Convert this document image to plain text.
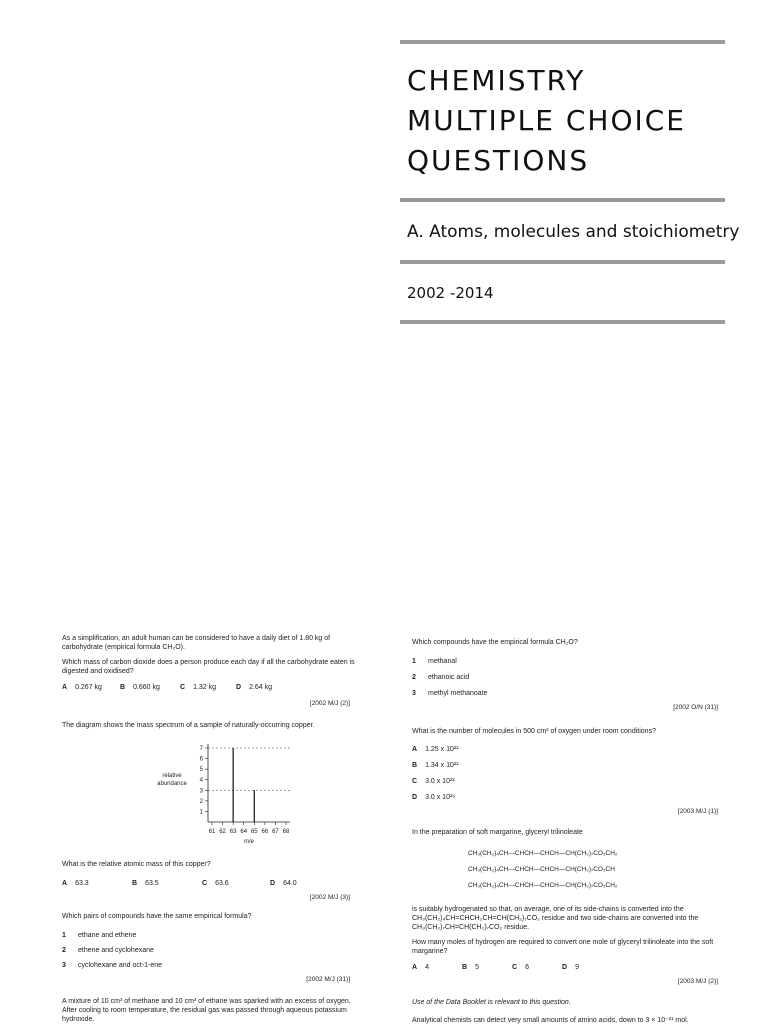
CHEMISTRY
MULTIPLE CHOICE
QUESTIONS
A. Atoms, molecules and stoichiometry
2002 -2014
As a simplification, an adult human can be considered to have a daily diet of 1.80 kg of carbohydrate (empirical formula CH₂O).
Which mass of carbon dioxide does a person produce each day if all the carbohydrate eaten is digested and oxidised?
A 0.267 kg	B 0.660 kg	C 1.32 kg	D 2.64 kg
[2002 M/J (2)]
The diagram shows the mass spectrum of a sample of naturally-occurring copper.
1
2
3
4
5
6
7
61 62 63 64 65 66 67 68
relative
abundance
m/e
What is the relative atomic mass of this copper?
A 63.3	B 63.5	C 63.6	D 64.0
[2002 M/J (3)]
Which pairs of compounds have the same empirical formula?
1 ethane and ethene
2 ethene and cyclohexane
3 cyclohexane and oct-1-ene
[2002 M/J (31)]
A mixture of 10 cm³ of methane and 10 cm³ of ethane was sparked with an excess of oxygen. After cooling to room temperature, the residual gas was passed through aqueous potassium hydroxide.
Which compounds have the empirical formula CH₂O?
1 methanal
2 ethanoic acid
3 methyl methanoate
[2002 O/N (31)]
What is the number of molecules in 500 cm³ of oxygen under room conditions?
A 1.25 x 10²²
B 1.34 x 10²²
C 3.0 x 10²²
D 3.0 x 10²⁶
[2003 M/J (1)]
In the preparation of soft margarine, glyceryl trilinoleate
CH₃(CH₂)₄CH—CHCH—CHCH—CH(CH₂)₇CO₂CH₂
CH₃(CH₂)₄CH—CHCH—CHCH—CH(CH₂)₇CO₂CH
CH₃(CH₂)₄CH—CHCH—CHCH—CH(CH₂)₇CO₂CH₂
is suitably hydrogenated so that, on average, one of its side-chains is converted into the CH₃(CH₂)₄CH=CHCH₂CH=CH(CH₂)₇CO₂ residue and two side-chains are converted into the CH₃(CH₂)₇CH=CH(CH₂)₇CO₂ residue.
How many moles of hydrogen are required to convert one mole of glyceryl trilinoleate into the soft margarine?
A 4	B 5	C 6	D 9
[2003 M/J (2)]
Use of the Data Booklet is relevant to this question.
Analytical chemists can detect very small amounts of amino acids, down to 3 × 10⁻²¹ mol.
